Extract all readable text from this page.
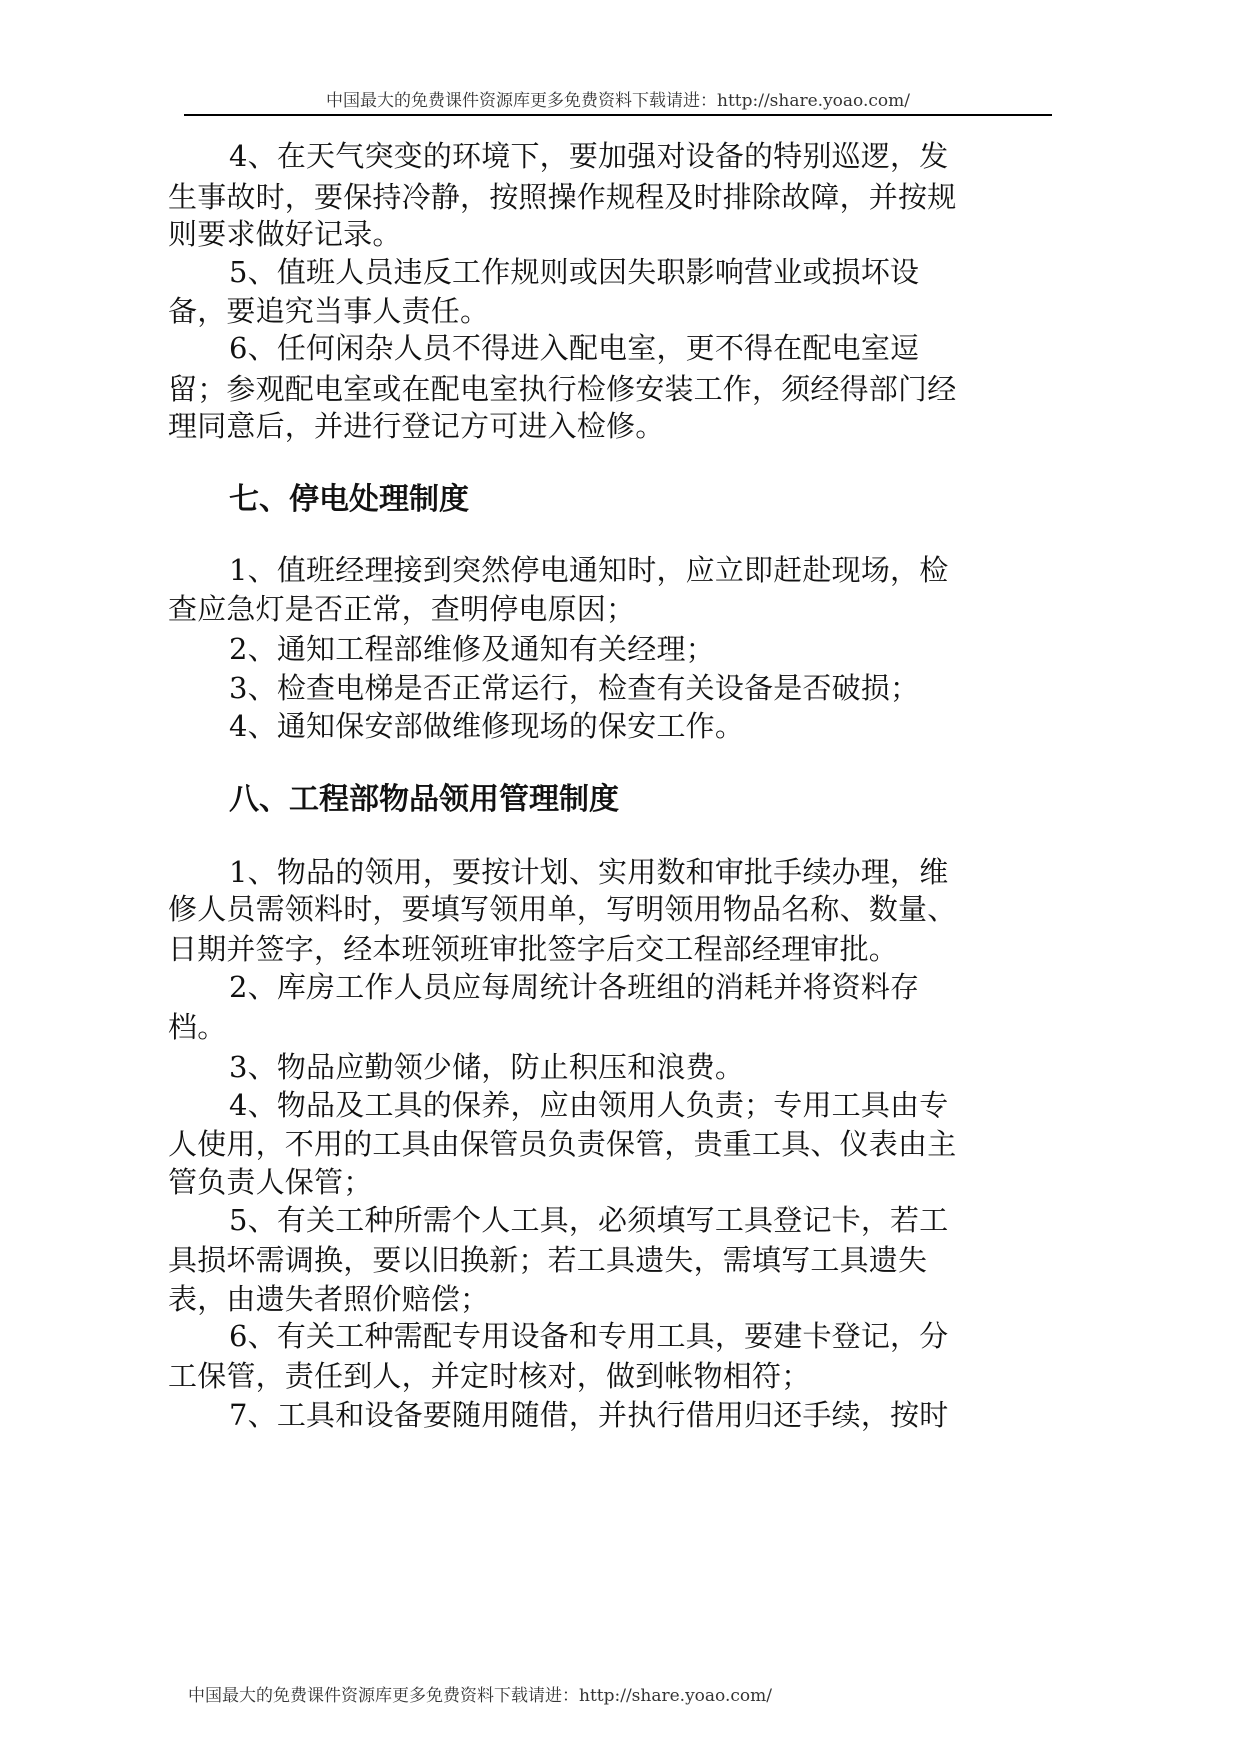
中国最大的免费课件资源库更多免费资料下载请进：http://share.yoao.com/
4、在天气突变的环境下，要加强对设备的特别巡逻，发
生事故时，要保持冷静，按照操作规程及时排除故障，并按规
则要求做好记录。
5、值班人员违反工作规则或因失职影响营业或损坏设
备，要追究当事人责任。
6、任何闲杂人员不得进入配电室，更不得在配电室逗
留；参观配电室或在配电室执行检修安装工作，须经得部门经
理同意后，并进行登记方可进入检修。
七、停电处理制度
1、值班经理接到突然停电通知时，应立即赶赴现场，检
查应急灯是否正常，查明停电原因；
2、通知工程部维修及通知有关经理；
3、检查电梯是否正常运行，检查有关设备是否破损；
4、通知保安部做维修现场的保安工作。
八、工程部物品领用管理制度
1、物品的领用，要按计划、实用数和审批手续办理，维
修人员需领料时，要填写领用单，写明领用物品名称、数量、
日期并签字，经本班领班审批签字后交工程部经理审批。
2、库房工作人员应每周统计各班组的消耗并将资料存
档。
3、物品应勤领少储，防止积压和浪费。
4、物品及工具的保养，应由领用人负责；专用工具由专
人使用，不用的工具由保管员负责保管，贵重工具、仪表由主
管负责人保管；
5、有关工种所需个人工具，必须填写工具登记卡，若工
具损坏需调换，要以旧换新；若工具遗失，需填写工具遗失
表，由遗失者照价赔偿；
6、有关工种需配专用设备和专用工具，要建卡登记，分
工保管，责任到人，并定时核对，做到帐物相符；
7、工具和设备要随用随借，并执行借用归还手续，按时
中国最大的免费课件资源库更多免费资料下载请进：http://share.yoao.com/
